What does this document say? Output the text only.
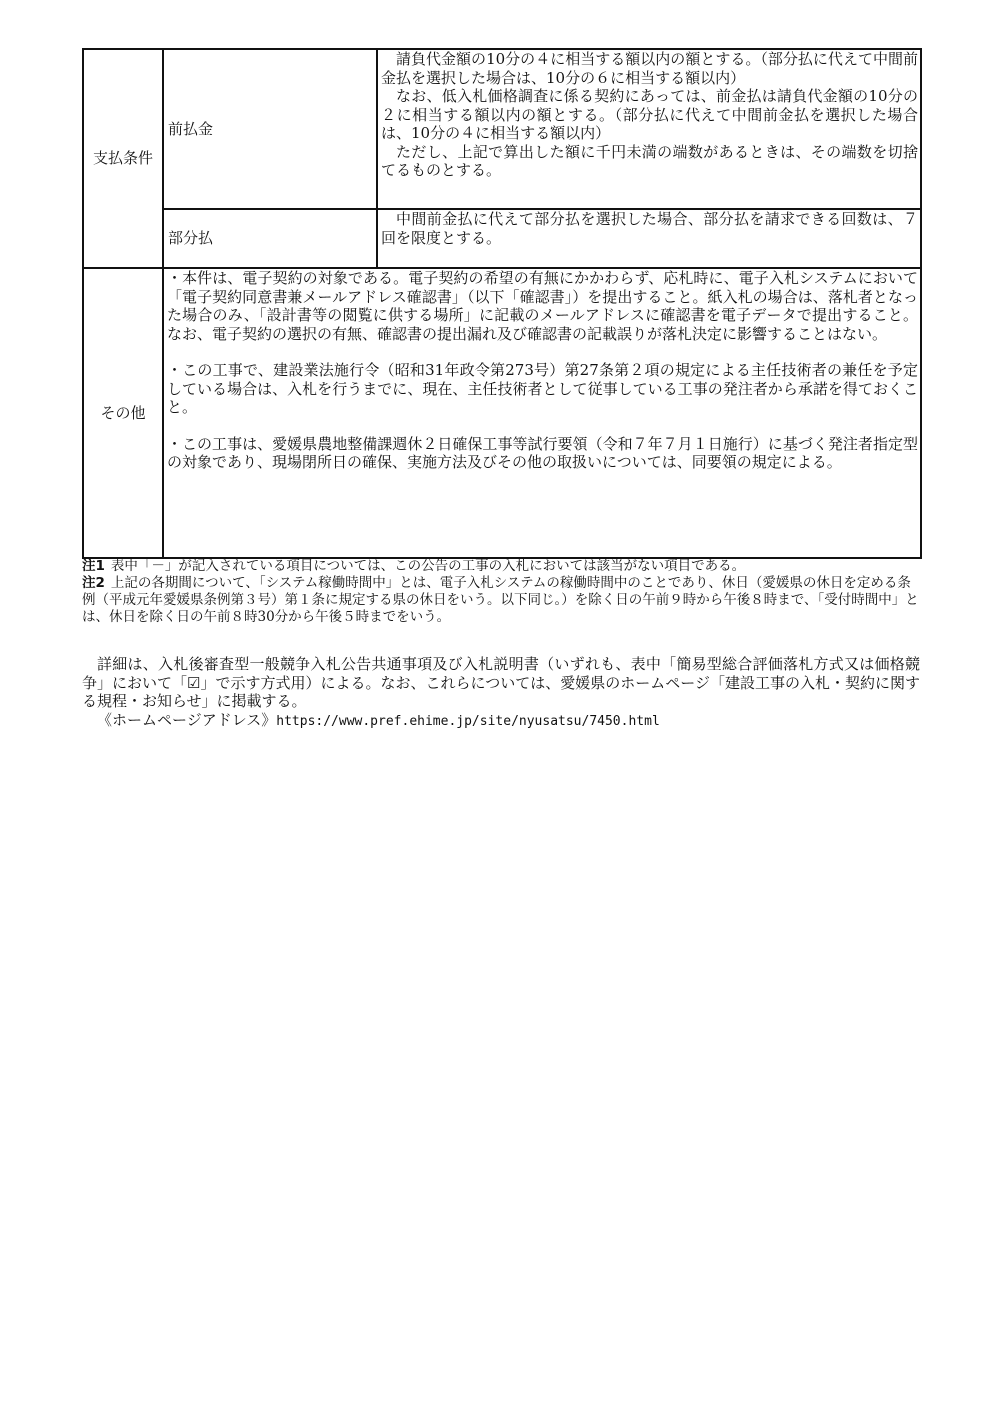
支払条件	前払金	請負代金額の10分の４に相当する額以内の額とする。（部分払に代えて中間前金払を選択した場合は、10分の６に相当する額以内）

なお、低入札価格調査に係る契約にあっては、前金払は請負代金額の10分の２に相当する額以内の額とする。（部分払に代えて中間前金払を選択した場合は、10分の４に相当する額以内）

ただし、上記で算出した額に千円未満の端数があるときは、その端数を切捨てるものとする。

	部分払	中間前金払に代えて部分払を選択した場合、部分払を請求できる回数は、７回を限度とする。

その他	・本件は、電子契約の対象である。電子契約の希望の有無にかかわらず、応札時に、電子入札システムにおいて「電子契約同意書兼メールアドレス確認書」（以下「確認書」）を提出すること。紙入札の場合は、落札者となった場合のみ、「設計書等の閲覧に供する場所」に記載のメールアドレスに確認書を電子データで提出すること。なお、電子契約の選択の有無、確認書の提出漏れ及び確認書の記載誤りが落札決定に影響することはない。

・この工事で、建設業法施行令（昭和31年政令第273号）第27条第２項の規定による主任技術者の兼任を予定している場合は、入札を行うまでに、現在、主任技術者として従事している工事の発注者から承諾を得ておくこと。

・この工事は、愛媛県農地整備課週休２日確保工事等試行要領（令和７年７月１日施行）に基づく発注者指定型の対象であり、現場閉所日の確保、実施方法及びその他の取扱いについては、同要領の規定による。	

注1 表中「－」が記入されている項目については、この公告の工事の入札においては該当がない項目である。

注2 上記の各期間について、「システム稼働時間中」とは、電子入札システムの稼働時間中のことであり、休日（愛媛県の休日を定める条例（平成元年愛媛県条例第３号）第１条に規定する県の休日をいう。以下同じ。）を除く日の午前９時から午後８時まで、「受付時間中」とは、休日を除く日の午前８時30分から午後５時までをいう。

詳細は、入札後審査型一般競争入札公告共通事項及び入札説明書（いずれも、表中「簡易型総合評価落札方式又は価格競争」において「☑」で示す方式用）による。なお、これらについては、愛媛県のホームページ「建設工事の入札・契約に関する規程・お知らせ」に掲載する。

《ホームページアドレス》https://www.pref.ehime.jp/site/nyusatsu/7450.html
